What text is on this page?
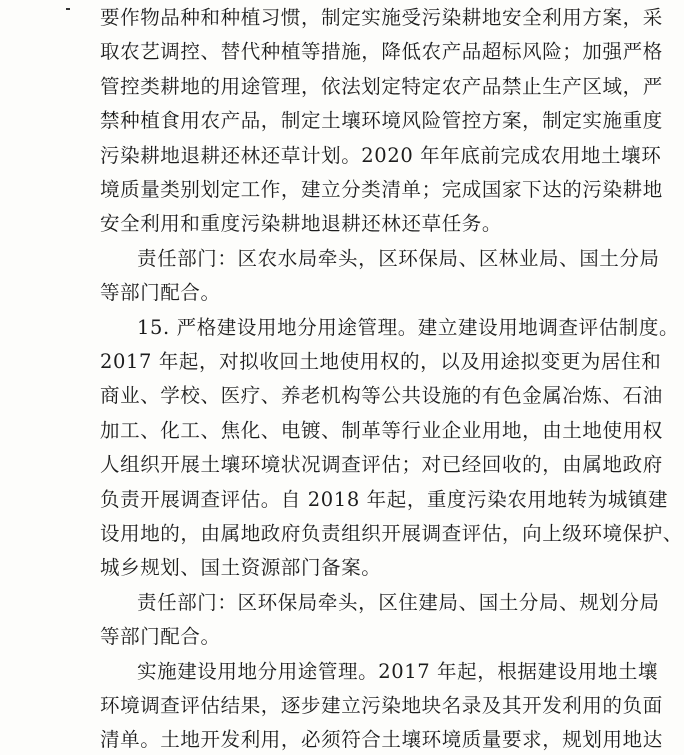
要作物品种和种植习惯，制定实施受污染耕地安全利用方案，采
取农艺调控、替代种植等措施，降低农产品超标风险；加强严格
管控类耕地的用途管理，依法划定特定农产品禁止生产区域，严
禁种植食用农产品，制定土壤环境风险管控方案，制定实施重度
污染耕地退耕还林还草计划。2020 年年底前完成农用地土壤环
境质量类别划定工作，建立分类清单；完成国家下达的污染耕地
安全利用和重度污染耕地退耕还林还草任务。
责任部门：区农水局牵头，区环保局、区林业局、国土分局
等部门配合。
15. 严格建设用地分用途管理。建立建设用地调查评估制度。
2017 年起，对拟收回土地使用权的，以及用途拟变更为居住和
商业、学校、医疗、养老机构等公共设施的有色金属冶炼、石油
加工、化工、焦化、电镀、制革等行业企业用地，由土地使用权
人组织开展土壤环境状况调查评估；对已经回收的，由属地政府
负责开展调查评估。自 2018 年起，重度污染农用地转为城镇建
设用地的，由属地政府负责组织开展调查评估，向上级环境保护、
城乡规划、国土资源部门备案。
责任部门：区环保局牵头，区住建局、国土分局、规划分局
等部门配合。
实施建设用地分用途管理。2017 年起，根据建设用地土壤
环境调查评估结果，逐步建立污染地块名录及其开发利用的负面
清单。土地开发利用，必须符合土壤环境质量要求，规划用地达
